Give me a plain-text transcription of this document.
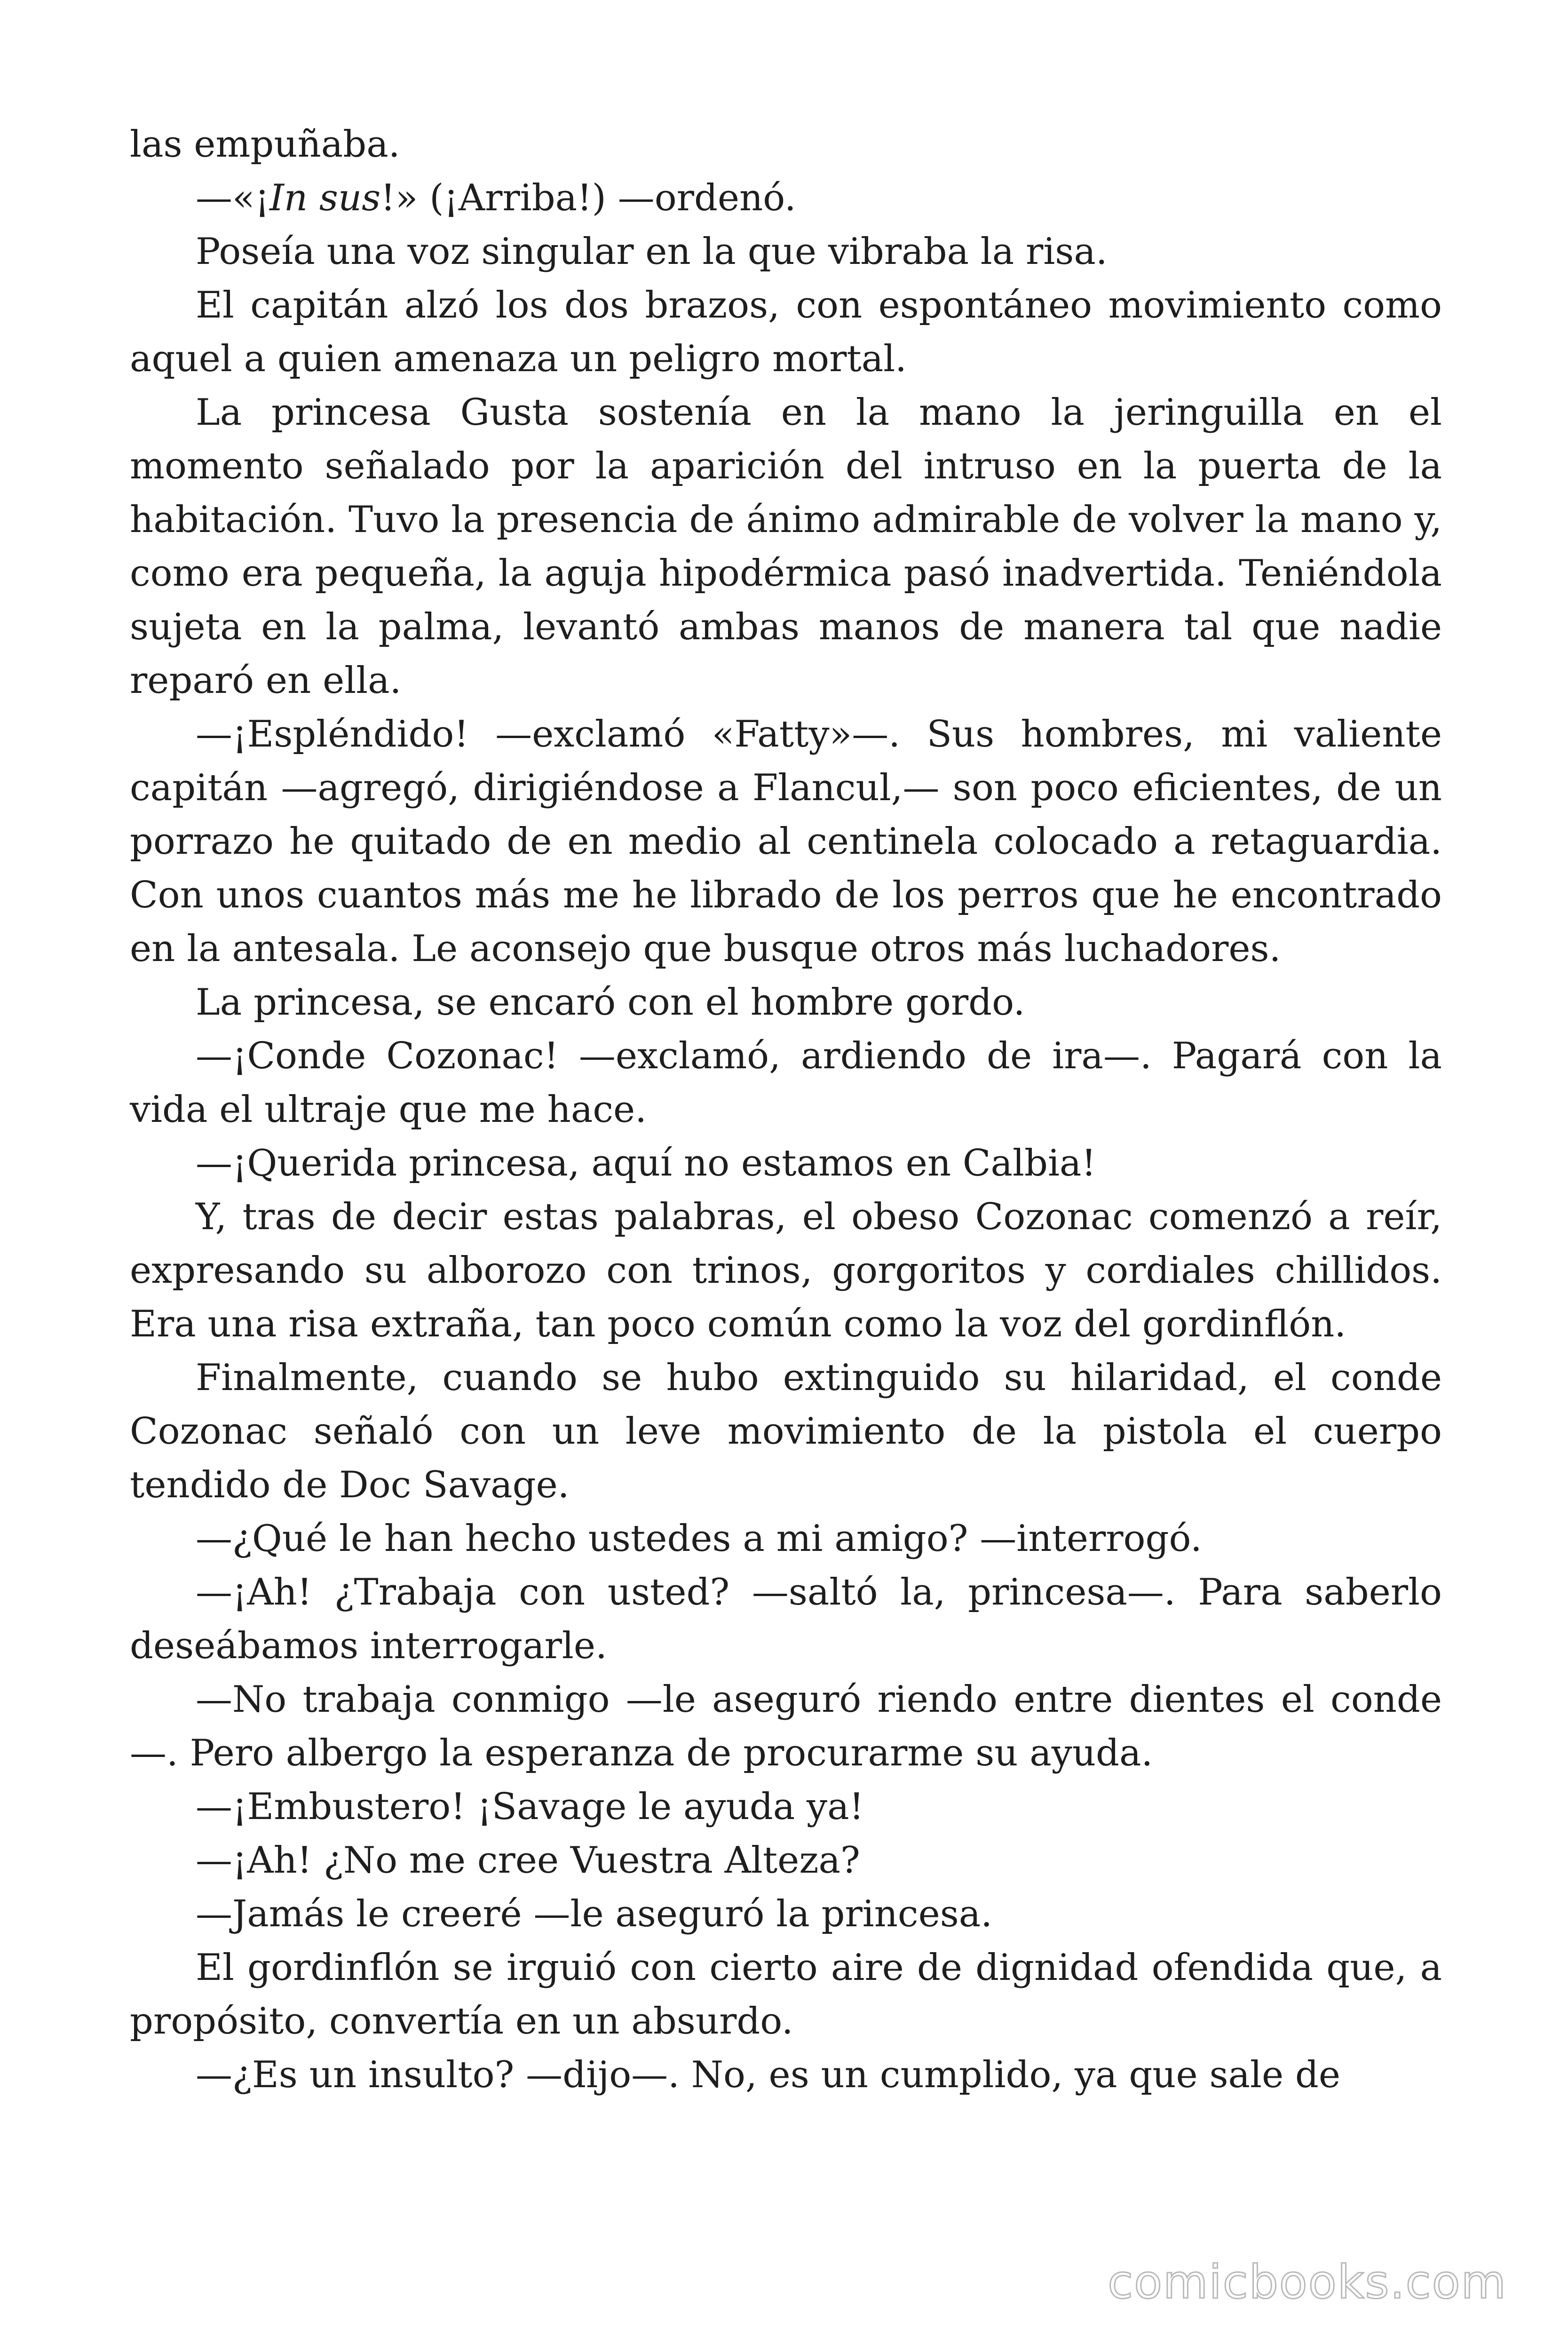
las empuñaba.

—«¡In sus!» (¡Arriba!) —ordenó.

Poseía una voz singular en la que vibraba la risa.

El capitán alzó los dos brazos, con espontáneo movimiento como aquel a quien amenaza un peligro mortal.

La princesa Gusta sostenía en la mano la jeringuilla en el momento señalado por la aparición del intruso en la puerta de la habitación. Tuvo la presencia de ánimo admirable de volver la mano y, como era pequeña, la aguja hipodérmica pasó inadvertida. Teniéndola sujeta en la palma, levantó ambas manos de manera tal que nadie reparó en ella.

—¡Espléndido! —exclamó «Fatty»—. Sus hombres, mi valiente capitán —agregó, dirigiéndose a Flancul,— son poco eficientes, de un porrazo he quitado de en medio al centinela colocado a retaguardia. Con unos cuantos más me he librado de los perros que he encontrado en la antesala. Le aconsejo que busque otros más luchadores.

La princesa, se encaró con el hombre gordo.

—¡Conde Cozonac! —exclamó, ardiendo de ira—. Pagará con la vida el ultraje que me hace.

—¡Querida princesa, aquí no estamos en Calbia!

Y, tras de decir estas palabras, el obeso Cozonac comenzó a reír, expresando su alborozo con trinos, gorgoritos y cordiales chillidos. Era una risa extraña, tan poco común como la voz del gordinflón.

Finalmente, cuando se hubo extinguido su hilaridad, el conde Cozonac señaló con un leve movimiento de la pistola el cuerpo tendido de Doc Savage.

—¿Qué le han hecho ustedes a mi amigo? —interrogó.

—¡Ah! ¿Trabaja con usted? —saltó la, princesa—. Para saberlo deseábamos interrogarle.

—No trabaja conmigo —le aseguró riendo entre dientes el conde —. Pero albergo la esperanza de procurarme su ayuda.

—¡Embustero! ¡Savage le ayuda ya!

—¡Ah! ¿No me cree Vuestra Alteza?

—Jamás le creeré —le aseguró la princesa.

El gordinflón se irguió con cierto aire de dignidad ofendida que, a propósito, convertía en un absurdo.

—¿Es un insulto? —dijo—. No, es un cumplido, ya que sale de

comicbooks.com
